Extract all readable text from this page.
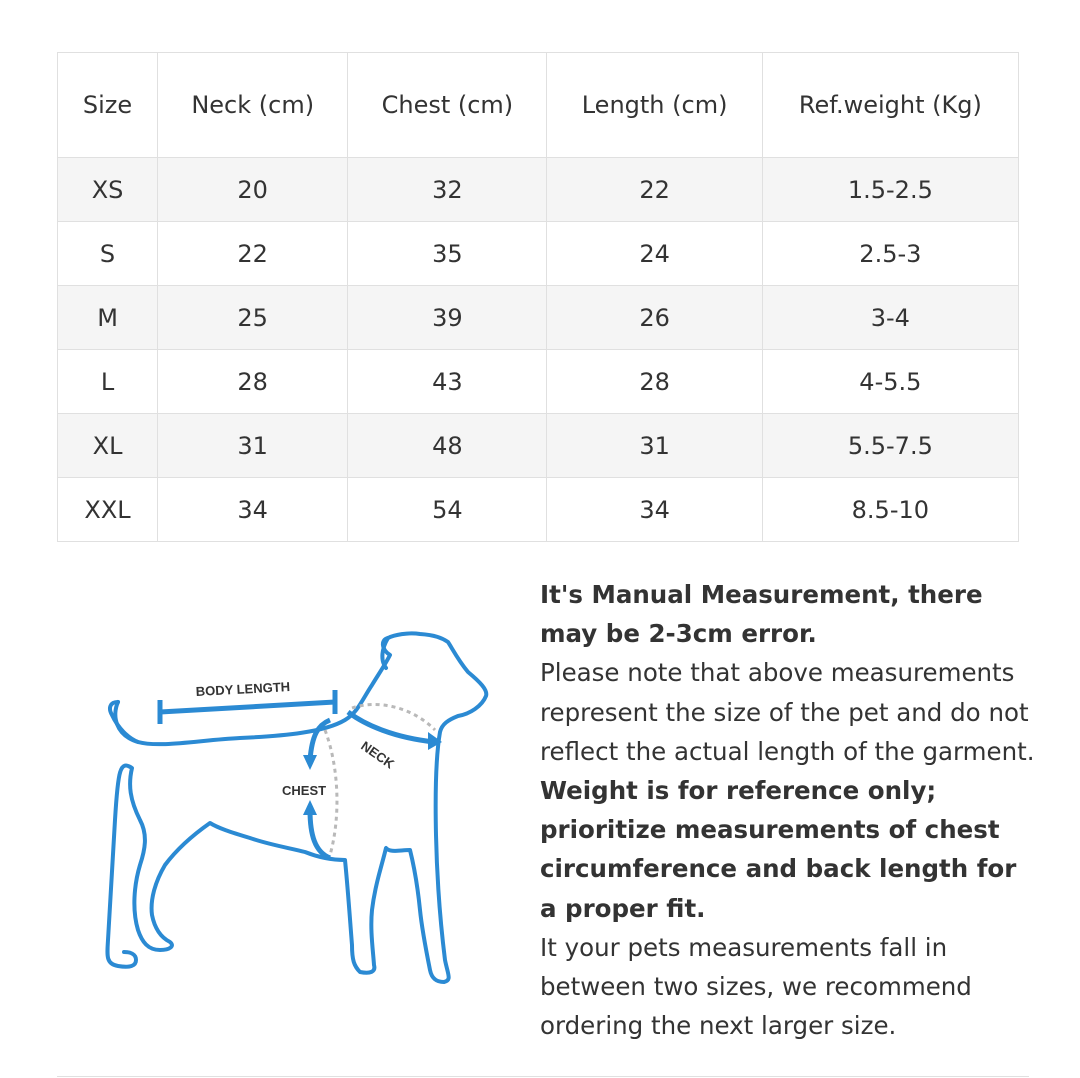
Size	Neck (cm)	Chest (cm)	Length (cm)	Ref.weight (Kg)
XS	20	32	22	1.5-2.5
S	22	35	24	2.5-3
M	25	39	26	3-4
L	28	43	28	4-5.5
XL	31	48	31	5.5-7.5
XXL	34	54	34	8.5-10
BODY LENGTH
NECK
CHEST

It's Manual Measurement, there may be 2-3cm error.

Please note that above measurements represent the size of the pet and do not reflect the actual length of the garment.

Weight is for reference only; prioritize measurements of chest circumference and back length for a proper fit.

It your pets measurements fall in between two sizes, we recommend ordering the next larger size.
